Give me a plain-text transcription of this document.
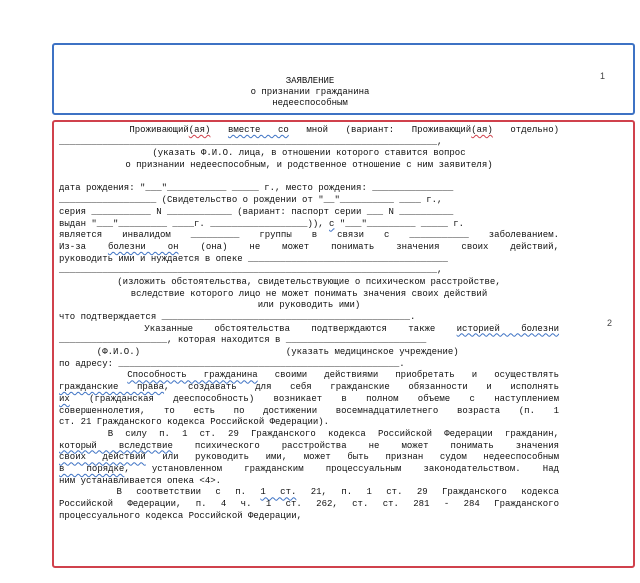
1
2
ЗАЯВЛЕНИЕ
о признании гражданина
недееспособным
Проживающий(ая) вместе со мной (вариант: Проживающий(ая) отдельно)
______________________________________________________________________,
(указать Ф.И.О. лица, в отношении которого ставится вопрос
о признании недееспособным, и родственное отношение с ним заявителя)

дата рождения: "___"___________ _____ г., место рождения: _______________
__________________ (Свидетельство о рождении от "__"__________ ____ г.,
серия ___________ N ____________ (вариант: паспорт серии ___ N __________
выдан "___"_________ ____г. __________________)), с "___"_________ _____ г.
является инвалидом _________ группы в связи с ___________ заболеванием.
Из-за болезни он (она) не может понимать значения своих действий,
руководить ими и нуждается в опеке _____________________________________
______________________________________________________________________,
(изложить обстоятельства, свидетельствующие о психическом расстройстве,
вследствие которого лицо не может понимать значения своих действий
или руководить ими)
что подтверждается ______________________________________________.
Указанные обстоятельства подтверждаются также историей болезни
____________________, которая находится в __________________________
(Ф.И.О.)                           (указать медицинское учреждение)
по адресу: ____________________________________________________.
Способность гражданина своими действиями приобретать и осуществлять
гражданские права, создавать для себя гражданские обязанности и исполнять
их (гражданская дееспособность) возникает в полном объеме с наступлением
совершеннолетия, то есть по достижении восемнадцатилетнего возраста (п. 1
ст. 21 Гражданского кодекса Российской Федерации).
В силу п. 1 ст. 29 Гражданского кодекса Российской Федерации гражданин,
который вследствие психического расстройства не может понимать значения
своих действий или руководить ими, может быть признан судом недееспособным
в порядке, установленном гражданским процессуальным законодательством. Над
ним устанавливается опека <4>.
В соответствии с п. 1 ст. 21, п. 1 ст. 29 Гражданского кодекса
Российской Федерации, п. 4 ч. 1 ст. 262, ст. ст. 281 - 284 Гражданского
процессуального кодекса Российской Федерации,
